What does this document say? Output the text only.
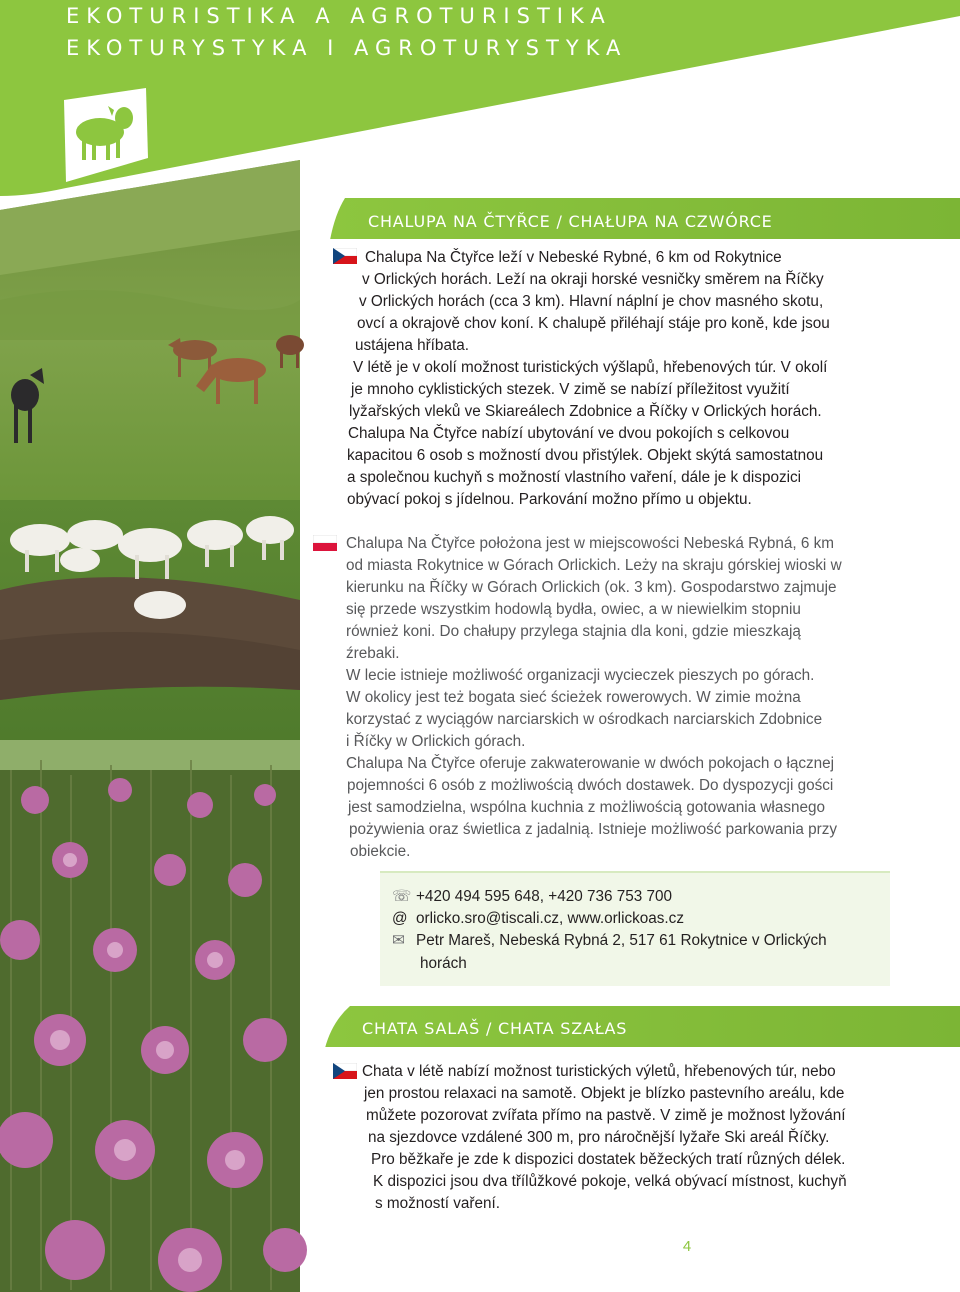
EKOTURISTIKA A AGROTURISTIKA
EKOTURYSTYKA I AGROTURYSTYKA
CHALUPA NA ČTYŘCE / CHAŁUPA NA CZWÓRCE
Chalupa Na Čtyřce leží v Nebeské Rybné, 6 km od Rokytnice
v Orlických horách. Leží na okraji horské vesničky směrem na Říčky
v Orlických horách (cca 3 km). Hlavní náplní je chov masného skotu,
ovcí a okrajově chov koní. K chalupě přiléhají stáje pro koně, kde jsou
ustájena hříbata.
V létě je v okolí možnost turistických výšlapů, hřebenových túr. V okolí
je mnoho cyklistických stezek. V zimě se nabízí příležitost využití
lyžařských vleků ve Skiareálech Zdobnice a Říčky v Orlických horách.
Chalupa Na Čtyřce nabízí ubytování ve dvou pokojích s celkovou
kapacitou 6 osob s možností dvou přistýlek. Objekt skýtá samostatnou
a společnou kuchyň s možností vlastního vaření, dále je k dispozici
obývací pokoj s jídelnou. Parkování možno přímo u objektu.
Chalupa Na Čtyřce położona jest w miejscowości Nebeská Rybná, 6 km
od miasta Rokytnice w Górach Orlickich. Leży na skraju górskiej wioski w
kierunku na Říčky w Górach Orlickich (ok. 3 km). Gospodarstwo zajmuje
się przede wszystkim hodowlą bydła, owiec, a w niewielkim stopniu
również koni. Do chałupy przylega stajnia dla koni, gdzie mieszkają
źrebaki.
W lecie istnieje możliwość organizacji wycieczek pieszych po górach.
W okolicy jest też bogata sieć ścieżek rowerowych. W zimie można
korzystać z wyciągów narciarskich w ośrodkach narciarskich Zdobnice
i Říčky w Orlickich górach.
Chalupa Na Čtyřce oferuje zakwaterowanie w dwóch pokojach o łącznej
pojemności 6 osób z możliwością dwóch dostawek. Do dyspozycji gości
jest samodzielna, wspólna kuchnia z możliwością gotowania własnego
pożywienia oraz świetlica z jadalnią. Istnieje możliwość parkowania przy
obiekcie.
☏ +420 494 595 648, +420 736 753 700
@ orlicko.sro@tiscali.cz, www.orlickoas.cz
✉ Petr Mareš, Nebeská Rybná 2, 517 61 Rokytnice v Orlických
horách
CHATA SALAŠ / CHATA SZAŁAS
Chata v létě nabízí možnost turistických výletů, hřebenových túr, nebo
jen prostou relaxaci na samotě. Objekt je blízko pastevního areálu, kde
můžete pozorovat zvířata přímo na pastvě. V zimě je možnost lyžování
na sjezdovce vzdálené 300 m, pro náročnější lyžaře Ski areál Říčky.
Pro běžkaře je zde k dispozici dostatek běžeckých tratí různých délek.
K dispozici jsou dva třílůžkové pokoje, velká obývací místnost, kuchyň
s možností vaření.
4
